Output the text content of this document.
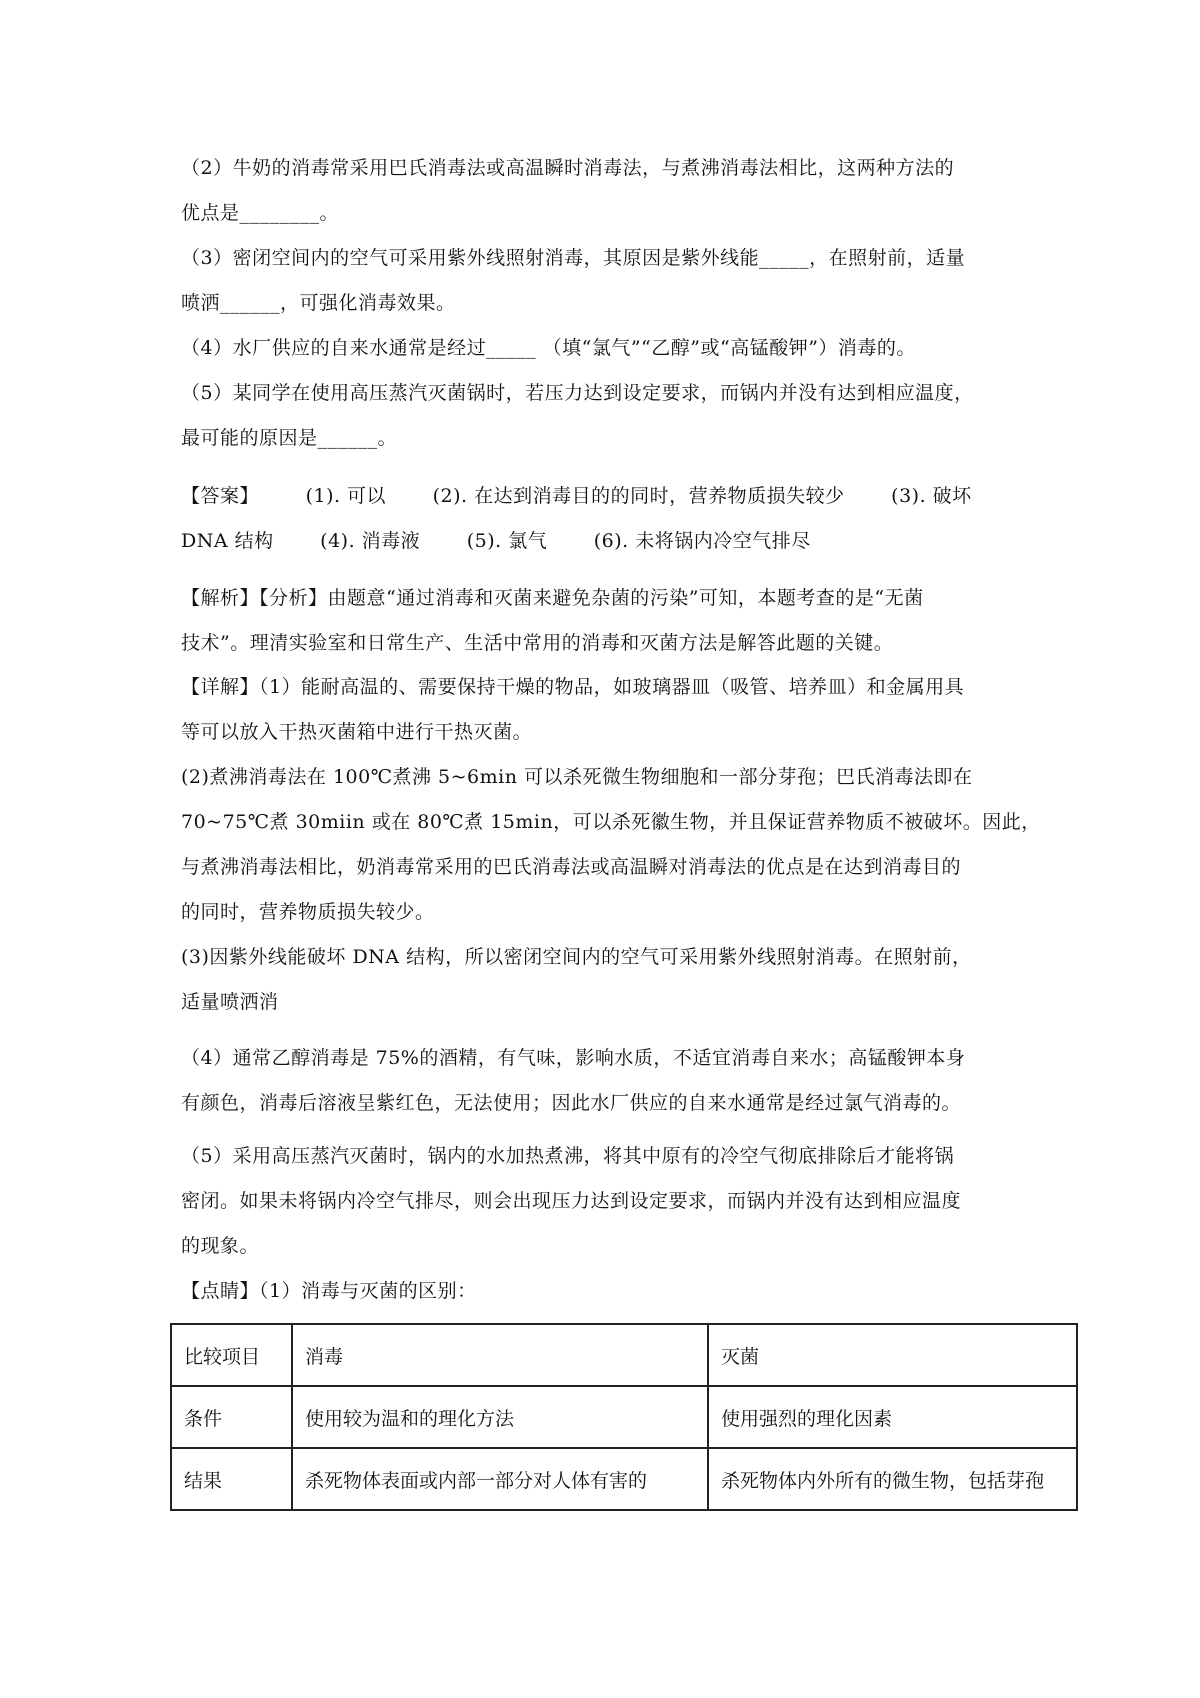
（2）牛奶的消毒常采用巴氏消毒法或高温瞬时消毒法，与煮沸消毒法相比，这两种方法的
优点是________。
（3）密闭空间内的空气可采用紫外线照射消毒，其原因是紫外线能_____，在照射前，适量
喷洒______，可强化消毒效果。
（4）水厂供应的自来水通常是经过_____ （填“氯气”“乙醇”或“高锰酸钾”）消毒的。
（5）某同学在使用高压蒸汽灭菌锅时，若压力达到设定要求，而锅内并没有达到相应温度，
最可能的原因是______。
【答案】 (1). 可以 (2). 在达到消毒目的的同时，营养物质损失较少 (3). 破坏
DNA 结构 (4). 消毒液 (5). 氯气 (6). 未将锅内冷空气排尽
【解析】【分析】由题意“通过消毒和灭菌来避免杂菌的污染”可知，本题考查的是“无菌
技术”。理清实验室和日常生产、生活中常用的消毒和灭菌方法是解答此题的关键。
【详解】（1）能耐高温的、需要保持干燥的物品，如玻璃器皿（吸管、培养皿）和金属用具
等可以放入干热灭菌箱中进行干热灭菌。
(2)煮沸消毒法在 100℃煮沸 5~6min 可以杀死微生物细胞和一部分芽孢；巴氏消毒法即在
70~75℃煮 30miin 或在 80℃煮 15min，可以杀死徽生物，并且保证营养物质不被破坏。因此，
与煮沸消毒法相比，奶消毒常采用的巴氏消毒法或高温瞬对消毒法的优点是在达到消毒目的
的同时，营养物质损失较少。
(3)因紫外线能破坏 DNA 结构，所以密闭空间内的空气可采用紫外线照射消毒。在照射前，
适量喷洒消
（4）通常乙醇消毒是 75%的酒精，有气味，影响水质，不适宜消毒自来水；高锰酸钾本身
有颜色，消毒后溶液呈紫红色，无法使用；因此水厂供应的自来水通常是经过氯气消毒的。
（5）采用高压蒸汽灭菌时，锅内的水加热煮沸，将其中原有的冷空气彻底排除后才能将锅
密闭。如果未将锅内冷空气排尽，则会出现压力达到设定要求，而锅内并没有达到相应温度
的现象。
【点睛】（1）消毒与灭菌的区别：
比较项目	消毒	灭菌
条件	使用较为温和的理化方法	使用强烈的理化因素
结果	杀死物体表面或内部一部分对人体有害的	杀死物体内外所有的微生物，包括芽孢
